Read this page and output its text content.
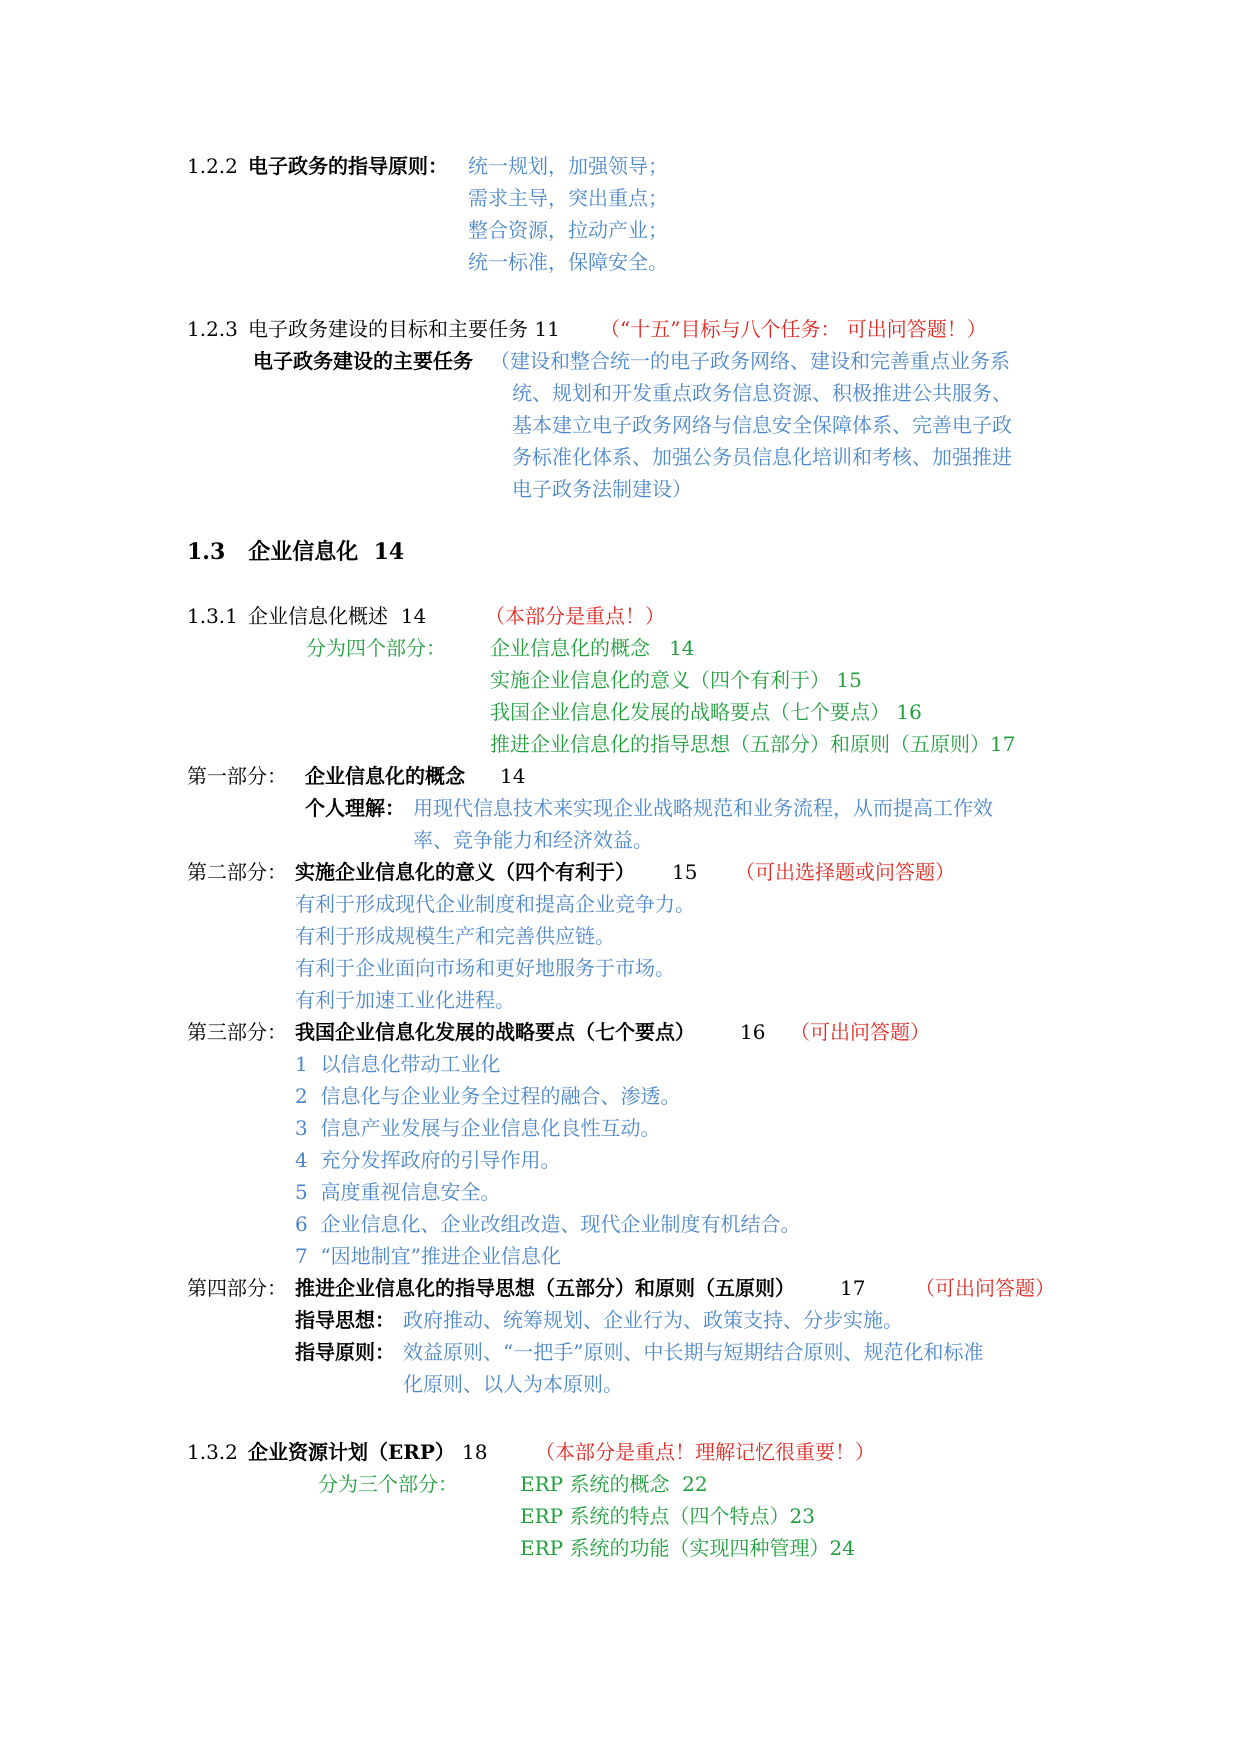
1.2.2 电子政务的指导原则： 统一规划，加强领导；
需求主导，突出重点；
整合资源，拉动产业；
统一标准，保障安全。
1.2.3 电子政务建设的目标和主要任务 11 （“十五”目标与八个任务： 可出问答题！）
电子政务建设的主要任务 （建设和整合统一的电子政务网络、建设和完善重点业务系
统、规划和开发重点政务信息资源、积极推进公共服务、
基本建立电子政务网络与信息安全保障体系、完善电子政
务标准化体系、加强公务员信息化培训和考核、加强推进
电子政务法制建设）
1.3   企业信息化  14
1.3.1 企业信息化概述  14	（本部分是重点！）
分为四个部分： 企业信息化的概念   14
实施企业信息化的意义（四个有利于） 15
我国企业信息化发展的战略要点（七个要点） 16
推进企业信息化的指导思想（五部分）和原则（五原则）17
第一部分： 企业信息化的概念 14
个人理解： 用现代信息技术来实现企业战略规范和业务流程，从而提高工作效
率、竞争能力和经济效益。
第二部分： 实施企业信息化的意义（四个有利于） 15 （可出选择题或问答题）
有利于形成现代企业制度和提高企业竞争力。
有利于形成规模生产和完善供应链。
有利于企业面向市场和更好地服务于市场。
有利于加速工业化进程。
第三部分： 我国企业信息化发展的战略要点（七个要点） 16 （可出问答题）
1  以信息化带动工业化
2  信息化与企业业务全过程的融合、渗透。
3  信息产业发展与企业信息化良性互动。
4  充分发挥政府的引导作用。
5  高度重视信息安全。
6  企业信息化、企业改组改造、现代企业制度有机结合。
7  “因地制宜”推进企业信息化
第四部分： 推进企业信息化的指导思想（五部分）和原则（五原则） 17 （可出问答题）
指导思想： 政府推动、统筹规划、企业行为、政策支持、分步实施。
指导原则： 效益原则、“一把手”原则、中长期与短期结合原则、规范化和标准
化原则、以人为本原则。
1.3.2 企业资源计划（ERP） 18 （本部分是重点！理解记忆很重要！）
分为三个部分：	ERP 系统的概念  22
ERP 系统的特点（四个特点）23
ERP 系统的功能（实现四种管理）24
